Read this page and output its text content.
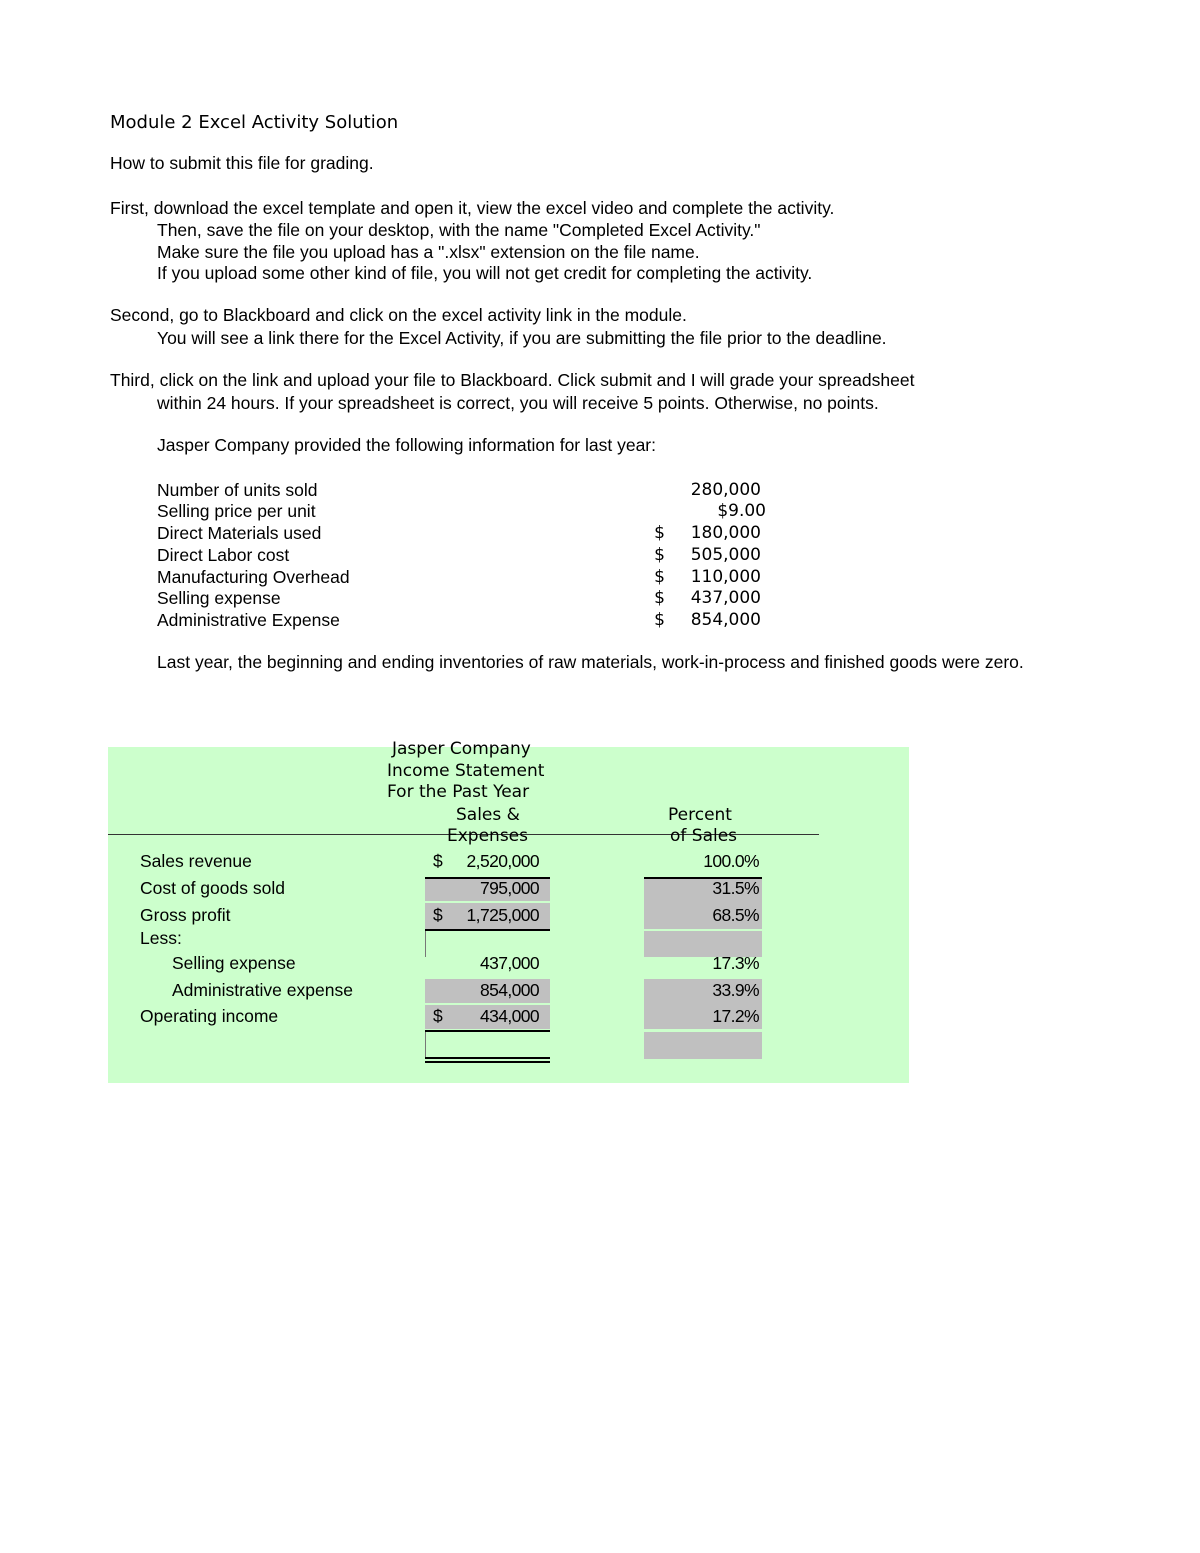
Module 2 Excel Activity Solution
How to submit this file for grading.
First, download the excel template and open it, view the excel video and complete the activity.
Then, save the file on your desktop, with the name "Completed Excel Activity."
Make sure the file you upload has a ".xlsx" extension on the file name.
If you upload some other kind of file, you will not get credit for completing the activity.
Second, go to Blackboard and click on the excel activity link in the module.
You will see a link there for the Excel Activity, if you are submitting the file prior to the deadline.
Third, click on the link and upload your file to Blackboard. Click submit and I will grade your spreadsheet
within 24 hours. If your spreadsheet is correct, you will receive 5 points. Otherwise, no points.
Jasper Company provided the following information for last year:
Number of units sold	280,000
Selling price per unit	$9.00
Direct Materials used	$	180,000
Direct Labor cost	$	505,000
Manufacturing Overhead	$	110,000
Selling expense	$	437,000
Administrative Expense	$	854,000
Last year, the beginning and ending inventories of raw materials, work-in-process and finished goods were zero.
Jasper Company
Income Statement
For the Past Year
Sales &
Expenses
Percent
of Sales
Sales revenue	$	2,520,000	100.0%
Cost of goods sold	795,000	31.5%
Gross profit	$	1,725,000	68.5%
Less:
Selling expense	437,000	17.3%
Administrative expense	854,000	33.9%
Operating income	$	434,000	17.2%
